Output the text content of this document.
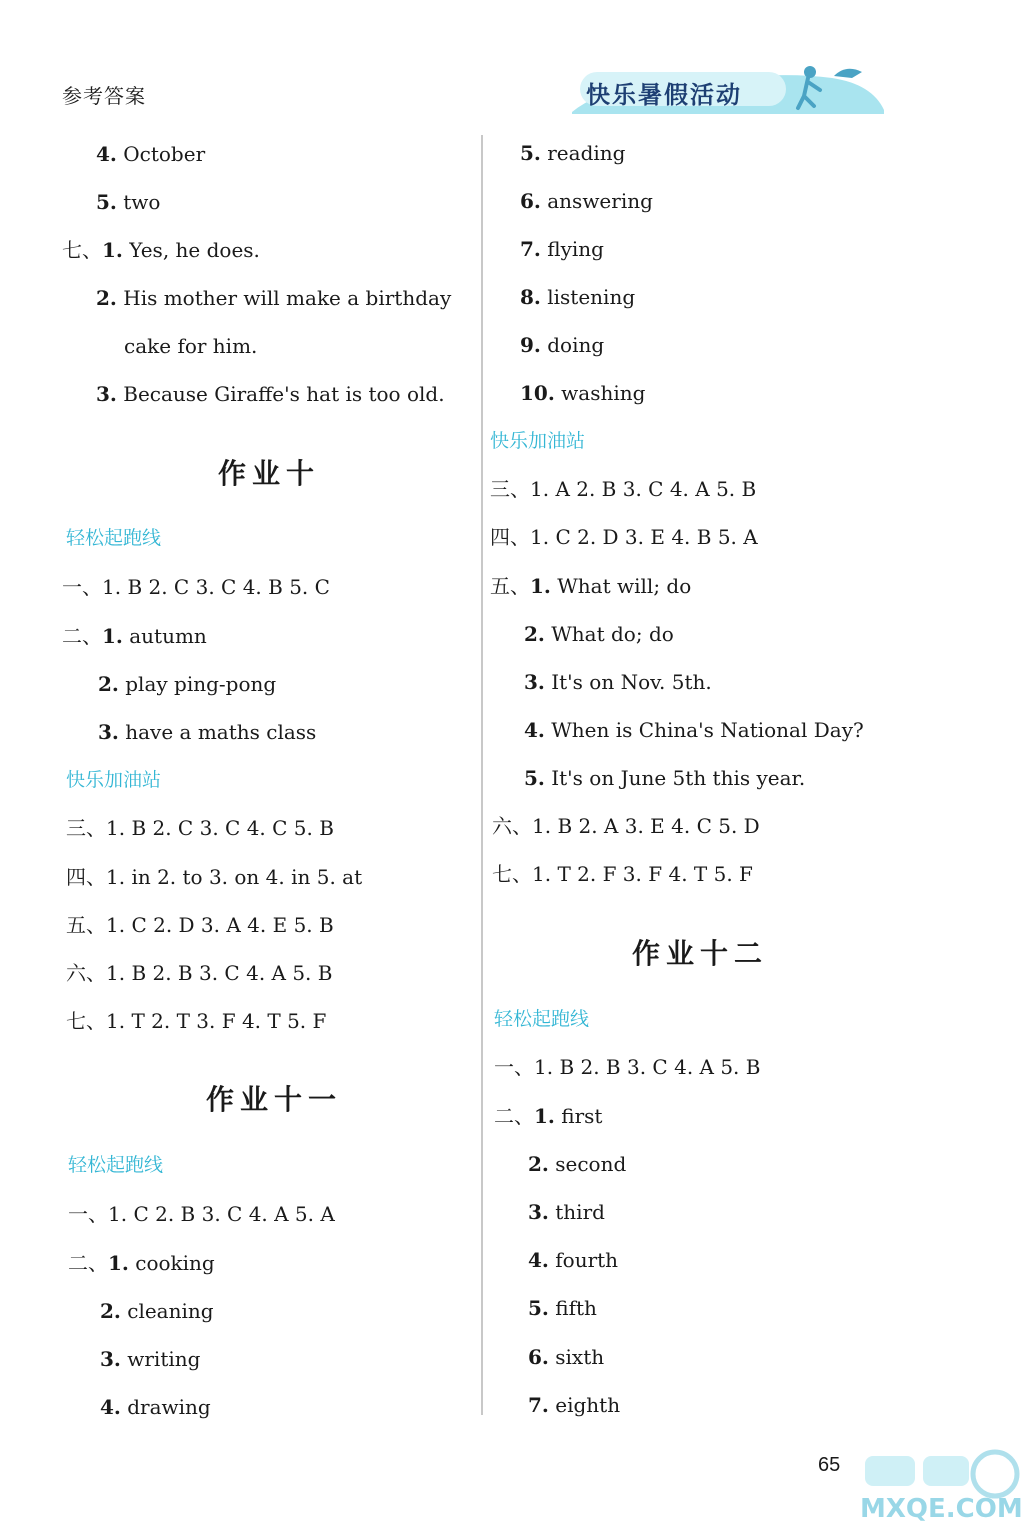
参考答案	快乐暑假活动
4. October
5. two
七、1. Yes, he does.
2. His mother will make a birthday
cake for him.
3. Because Giraffe's hat is too old.
作业十
轻松起跑线
一、1. B 2. C 3. C 4. B 5. C
二、1. autumn
2. play ping-pong
3. have a maths class
快乐加油站
三、1. B 2. C 3. C 4. C 5. B
四、1. in 2. to 3. on 4. in 5. at
五、1. C 2. D 3. A 4. E 5. B
六、1. B 2. B 3. C 4. A 5. B
七、1. T 2. T 3. F 4. T 5. F
作业十一
轻松起跑线
一、1. C 2. B 3. C 4. A 5. A
二、1. cooking
2. cleaning
3. writing
4. drawing
5. reading
6. answering
7. flying
8. listening
9. doing
10. washing
快乐加油站
三、1. A 2. B 3. C 4. A 5. B
四、1. C 2. D 3. E 4. B 5. A
五、1. What will; do
2. What do; do
3. It's on Nov. 5th.
4. When is China's National Day?
5. It's on June 5th this year.
六、1. B 2. A 3. E 4. C 5. D
七、1. T 2. F 3. F 4. T 5. F
作业十二
轻松起跑线
一、1. B 2. B 3. C 4. A 5. B
二、1. first
2. second
3. third
4. fourth
5. fifth
6. sixth
7. eighth
65
MXQE.COM
